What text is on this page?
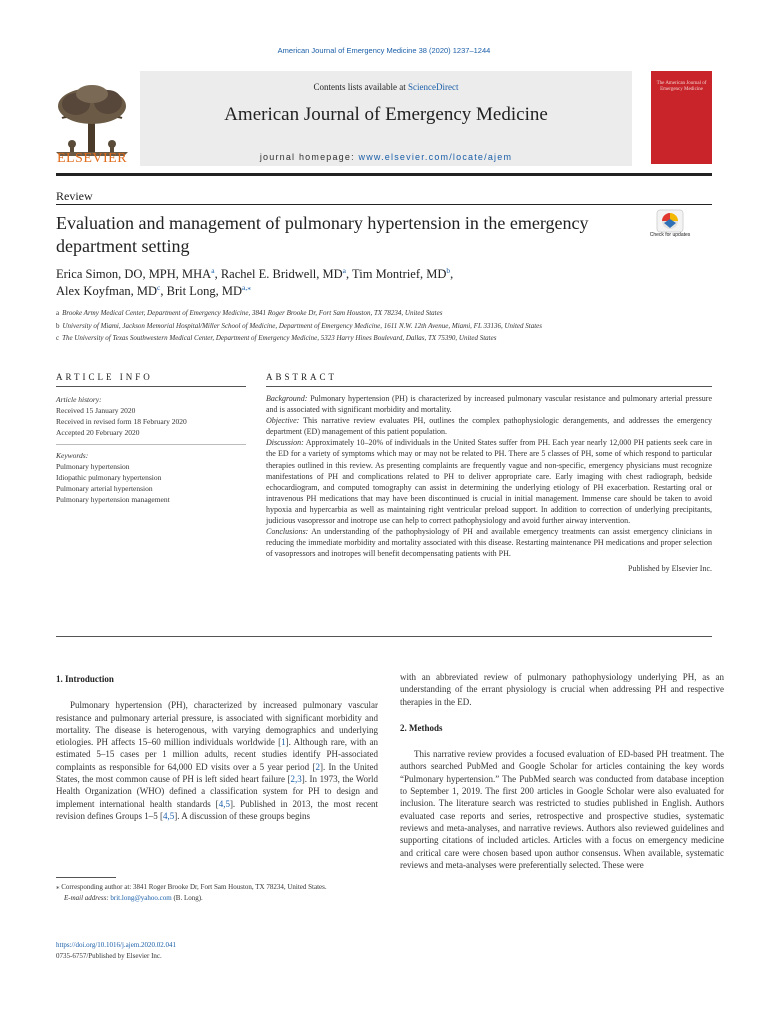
American Journal of Emergency Medicine 38 (2020) 1237–1244
Contents lists available at ScienceDirect
American Journal of Emergency Medicine
journal homepage: www.elsevier.com/locate/ajem
ELSEVIER
The American Journal of Emergency Medicine
Review
Evaluation and management of pulmonary hypertension in the emergency department setting
Check for updates
Erica Simon, DO, MPH, MHA$^a$, Rachel E. Bridwell, $MD^a$, Tim Montrief, $MD^b$,
Alex Koyfman, $MD^c$, Brit Long, $MD^{a,⁎}$
a Brooke Army Medical Center, Department of Emergency Medicine, 3841 Roger Brooke Dr, Fort Sam Houston, TX 78234, United States
b University of Miami, Jackson Memorial Hospital/Miller School of Medicine, Department of Emergency Medicine, 1611 N.W. 12th Avenue, Miami, FL 33136, United States
c The University of Texas Southwestern Medical Center, Department of Emergency Medicine, 5323 Harry Hines Boulevard, Dallas, TX 75390, United States
ARTICLE INFO	ABSTRACT
Article history:
Received 15 January 2020
Received in revised form 18 February 2020
Accepted 20 February 2020
Keywords:
Pulmonary hypertension
Idiopathic pulmonary hypertension
Pulmonary arterial hypertension
Pulmonary hypertension management
Background: Pulmonary hypertension (PH) is characterized by increased pulmonary vascular resistance and pulmonary arterial pressure and is associated with significant morbidity and mortality.
Objective: This narrative review evaluates PH, outlines the complex pathophysiologic derangements, and addresses the emergency department (ED) management of this patient population.
Discussion: Approximately 10–20% of individuals in the United States suffer from PH. Each year nearly 12,000 PH patients seek care in the ED for a variety of symptoms which may or may not be related to PH. There are 5 classes of PH, some of which respond to particular therapies outlined in this review. As presenting complaints are frequently vague and non-specific, emergency physicians must recognize manifestations of PH and complications related to PH to deliver appropriate care. Early imaging with chest radiograph, bedside echocardiogram, and computed tomography can assist in determining the underlying etiology of PH exacerbation. Restarting oral or intravenous PH medications that may have been discontinued is crucial in initial management. Immense care should be taken to avoid hypoxia and hypercarbia as well as maintaining right ventricular preload support. In addition to correction of underlying precipitants, judicious vasopressor and inotrope use can help to correct pathophysiology and avoid further airway intervention.
Conclusions: An understanding of the pathophysiology of PH and available emergency treatments can assist emergency clinicians in reducing the immediate morbidity and mortality associated with this disease. Restarting maintenance PH medications and proper selection of vasopressors and inotropes will benefit decompensating patients with PH.
Published by Elsevier Inc.
1. Introduction
Pulmonary hypertension (PH), characterized by increased pulmonary vascular resistance and pulmonary arterial pressure, is associated with significant morbidity and mortality. The disease is heterogenous, with varying demographics and underlying etiologies. PH affects 15–60 million individuals worldwide [1]. Although rare, with an estimated 5–15 cases per 1 million adults, recent studies identify PH-associated complaints as responsible for 64,000 ED visits over a 5 year period [2]. In the United States, the most common cause of PH is left sided heart failure [2,3]. In 1973, the World Health Organization (WHO) defined a classification system for PH to design and implement international health standards [4,5]. Published in 2013, the most recent revision defines Groups 1–5 [4,5]. A discussion of these groups begins
with an abbreviated review of pulmonary pathophysiology underlying PH, as an understanding of the errant physiology is crucial when addressing PH and respective therapies in the ED.
2. Methods
This narrative review provides a focused evaluation of ED-based PH treatment. The authors searched PubMed and Google Scholar for articles containing the key words “Pulmonary hypertension.” The PubMed search was conducted from database inception to September 1, 2019. The first 200 articles in Google Scholar were also evaluated for inclusion. The literature search was restricted to studies published in English. Authors evaluated case reports and series, retrospective and prospective studies, systematic reviews and meta-analyses, and narrative reviews. Authors also reviewed guidelines and supporting citations of included articles. Articles with a focus on emergency medicine and critical care were chosen based upon author consensus. When available, systematic reviews and meta-analyses were preferentially selected. These were
⁎ Corresponding author at: 3841 Roger Brooke Dr, Fort Sam Houston, TX 78234, United States.
E-mail address: brit.long@yahoo.com (B. Long).
https://doi.org/10.1016/j.ajem.2020.02.041
0735-6757/Published by Elsevier Inc.
